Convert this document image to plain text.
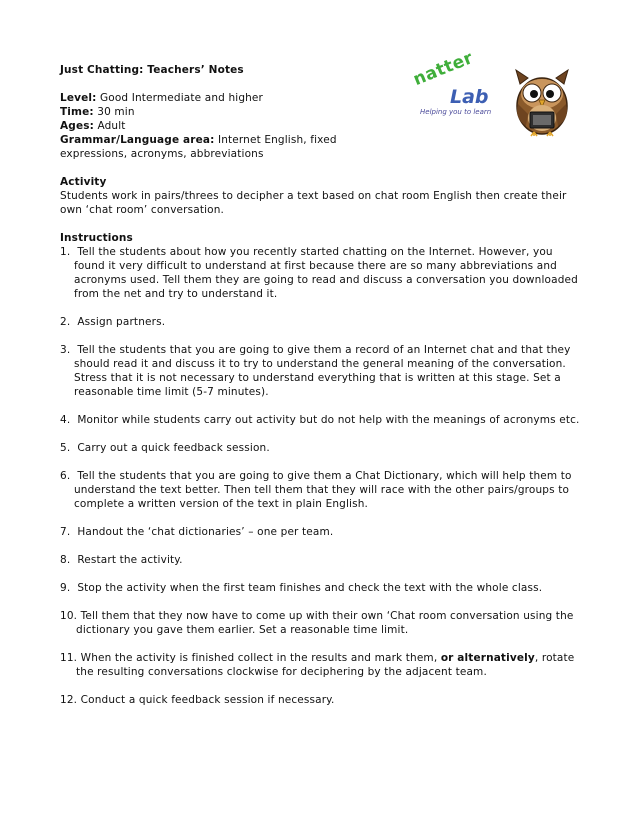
natter
Lab
Helping you to learn

Just Chatting: Teachers’ Notes

Level: Good Intermediate and higher

Time: 30 min

Ages: Adult

Grammar/Language area: Internet English, fixed expressions, acronyms, abbreviations

Activity

Students work in pairs/threes to decipher a text based on chat room English then create their own ‘chat room’ conversation.

Instructions

1. Tell the students about how you recently started chatting on the Internet. However, you found it very difficult to understand at first because there are so many abbreviations and acronyms used. Tell them they are going to read and discuss a conversation you downloaded from the net and try to understand it.
2. Assign partners.
3. Tell the students that you are going to give them a record of an Internet chat and that they should read it and discuss it to try to understand the general meaning of the conversation. Stress that it is not necessary to understand everything that is written at this stage. Set a reasonable time limit (5-7 minutes).
4. Monitor while students carry out activity but do not help with the meanings of acronyms etc.
5. Carry out a quick feedback session.
6. Tell the students that you are going to give them a Chat Dictionary, which will help them to understand the text better. Then tell them that they will race with the other pairs/groups to complete a written version of the text in plain English.
7. Handout the ‘chat dictionaries’ – one per team.
8. Restart the activity.
9. Stop the activity when the first team finishes and check the text with the whole class.
10. Tell them that they now have to come up with their own ‘Chat room conversation using the dictionary you gave them earlier. Set a reasonable time limit.
11. When the activity is finished collect in the results and mark them, or alternatively, rotate the resulting conversations clockwise for deciphering by the adjacent team.
12. Conduct a quick feedback session if necessary.
